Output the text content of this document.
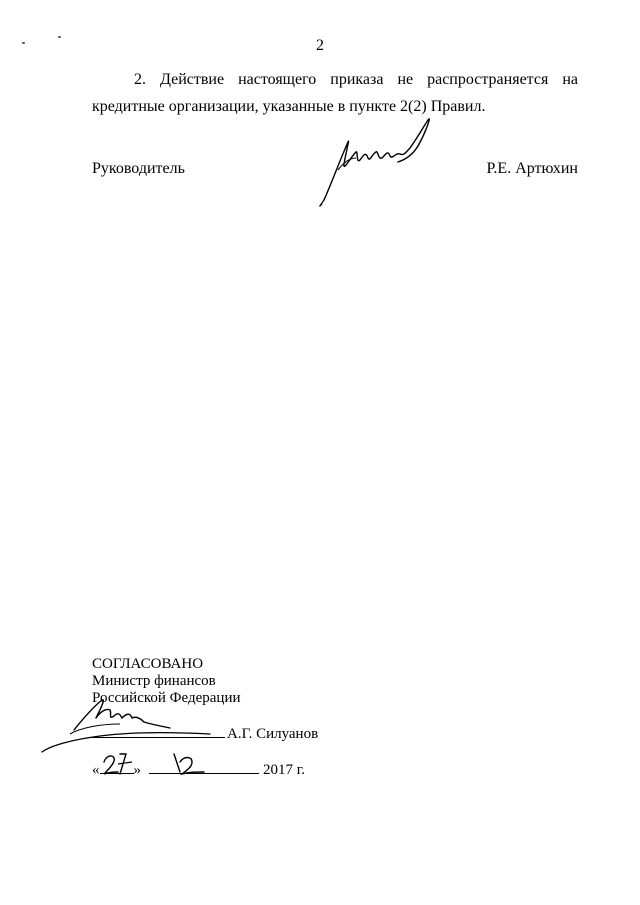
2
2. Действие настоящего приказа не распространяется на кредитные организации, указанные в пункте 2(2) Правил.
Руководитель	Р.Е. Артюхин
СОГЛАСОВАНО
Министр финансов
Российской Федерации
А.Г. Силуанов
« »	2017 г.
